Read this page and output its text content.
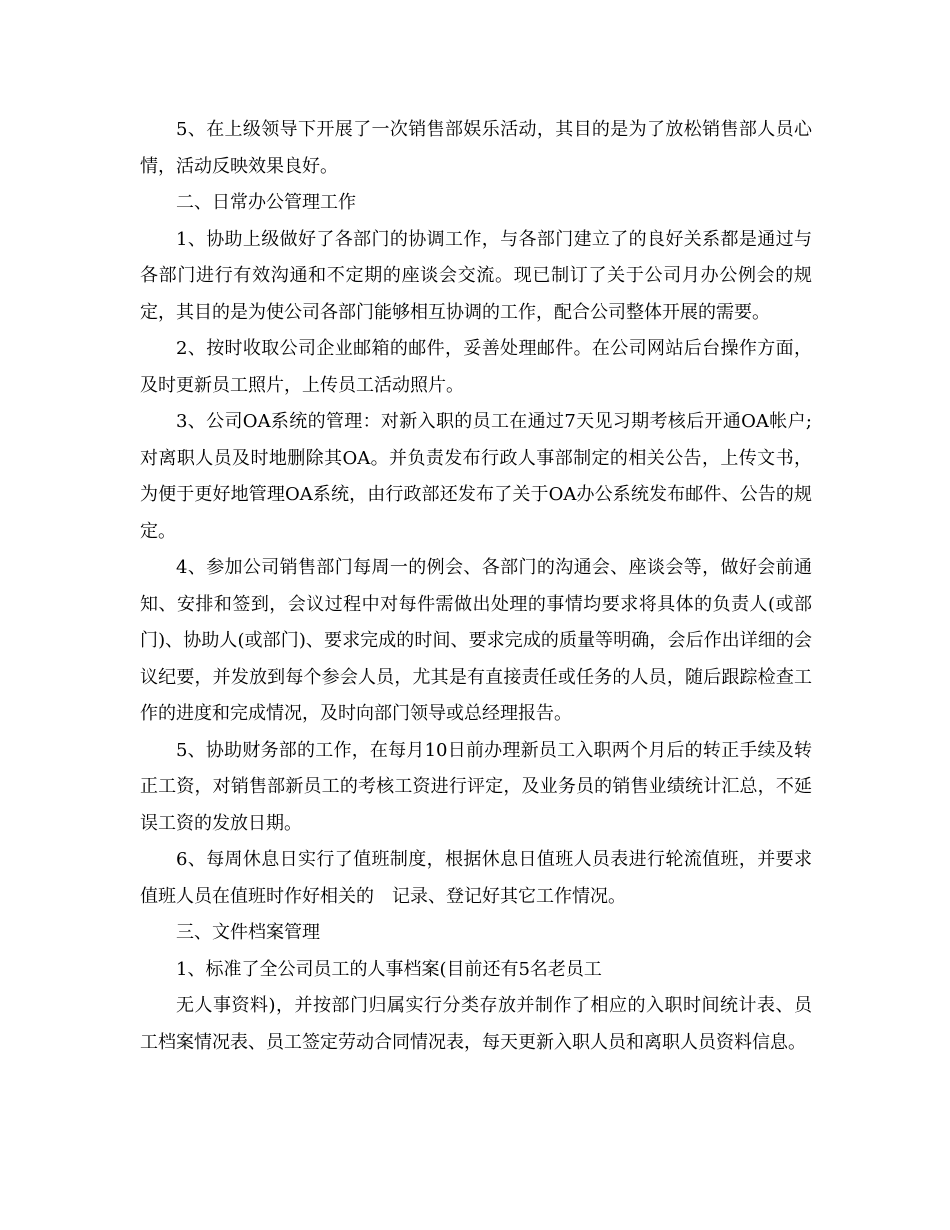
5、在上级领导下开展了一次销售部娱乐活动，其目的是为了放松销售部人员心情，活动反映效果良好。

二、日常办公管理工作

1、协助上级做好了各部门的协调工作，与各部门建立了的良好关系都是通过与各部门进行有效沟通和不定期的座谈会交流。现已制订了关于公司月办公例会的规定，其目的是为使公司各部门能够相互协调的工作，配合公司整体开展的需要。

2、按时收取公司企业邮箱的邮件，妥善处理邮件。在公司网站后台操作方面，及时更新员工照片，上传员工活动照片。

3、公司OA系统的管理：对新入职的员工在通过7天见习期考核后开通OA帐户;对离职人员及时地删除其OA。并负责发布行政人事部制定的相关公告，上传文书，为便于更好地管理OA系统，由行政部还发布了关于OA办公系统发布邮件、公告的规定。

4、参加公司销售部门每周一的例会、各部门的沟通会、座谈会等，做好会前通知、安排和签到，会议过程中对每件需做出处理的事情均要求将具体的负责人(或部门)、协助人(或部门)、要求完成的时间、要求完成的质量等明确，会后作出详细的会议纪要，并发放到每个参会人员，尤其是有直接责任或任务的人员，随后跟踪检查工作的进度和完成情况，及时向部门领导或总经理报告。

5、协助财务部的工作，在每月10日前办理新员工入职两个月后的转正手续及转正工资，对销售部新员工的考核工资进行评定，及业务员的销售业绩统计汇总，不延误工资的发放日期。

6、每周休息日实行了值班制度，根据休息日值班人员表进行轮流值班，并要求值班人员在值班时作好相关的　记录、登记好其它工作情况。

三、文件档案管理

1、标准了全公司员工的人事档案(目前还有5名老员工

无人事资料)，并按部门归属实行分类存放并制作了相应的入职时间统计表、员工档案情况表、员工签定劳动合同情况表，每天更新入职人员和离职人员资料信息。
